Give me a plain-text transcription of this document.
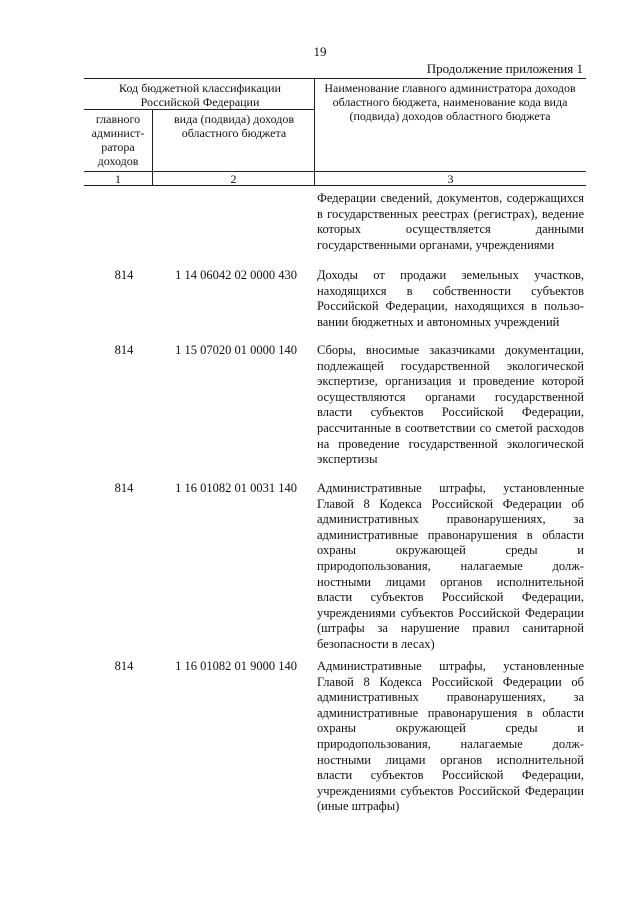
19
Продолжение приложения 1
Код бюджетной классификации Российской Федерации
главного админист-ратора доходов
вида (подвида) доходов областного бюджета
Наименование главного администратора доходов областного бюджета, наименование кода вида (подвида) доходов областного бюджета
1	2	3
Федерации сведений, документов, содержащихся в государственных реестрах (регистрах), ведение которых осуществляется данными государственными органами, учреждениями
814	1 14 06042 02 0000 430	Доходы от продажи земельных участков, находящихся в собственности субъектов Российской Федерации, находящихся в пользо-вании бюджетных и автономных учреждений
814	1 15 07020 01 0000 140	Сборы, вносимые заказчиками документации, подлежащей государственной экологической экспертизе, организация и проведение которой осуществляются органами государственной власти субъектов Российской Федерации, рассчитанные в соответствии со сметой расходов на проведение государственной экологической экспертизы
814	1 16 01082 01 0031 140	Административные штрафы, установленные Главой 8 Кодекса Российской Федерации об административных правонарушениях, за административные правонарушения в области охраны окружающей среды и природопользования, налагаемые долж-ностными лицами органов исполнительной власти субъектов Российской Федерации, учреждениями субъектов Российской Федерации (штрафы за нарушение правил санитарной безопасности в лесах)
814	1 16 01082 01 9000 140	Административные штрафы, установленные Главой 8 Кодекса Российской Федерации об административных правонарушениях, за административные правонарушения в области охраны окружающей среды и природопользования, налагаемые долж-ностными лицами органов исполнительной власти субъектов Российской Федерации, учреждениями субъектов Российской Федерации (иные штрафы)
